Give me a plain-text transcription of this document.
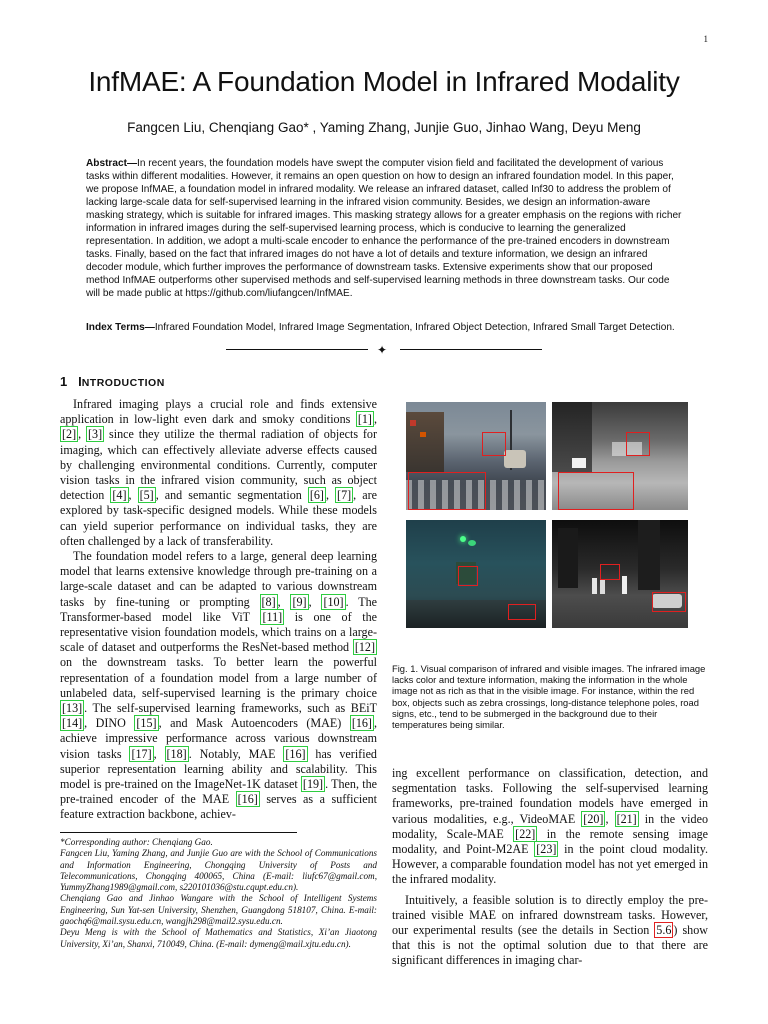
1
InfMAE: A Foundation Model in Infrared Modality
Fangcen Liu, Chenqiang Gao* , Yaming Zhang, Junjie Guo, Jinhao Wang, Deyu Meng
Abstract—In recent years, the foundation models have swept the computer vision field and facilitated the development of various tasks within different modalities. However, it remains an open question on how to design an infrared foundation model. In this paper, we propose InfMAE, a foundation model in infrared modality. We release an infrared dataset, called Inf30 to address the problem of lacking large-scale data for self-supervised learning in the infrared vision community. Besides, we design an information-aware masking strategy, which is suitable for infrared images. This masking strategy allows for a greater emphasis on the regions with richer information in infrared images during the self-supervised learning process, which is conducive to learning the generalized representation. In addition, we adopt a multi-scale encoder to enhance the performance of the pre-trained encoders in downstream tasks. Finally, based on the fact that infrared images do not have a lot of details and texture information, we design an infrared decoder module, which further improves the performance of downstream tasks. Extensive experiments show that our proposed method InfMAE outperforms other supervised methods and self-supervised learning methods in three downstream tasks. Our code will be made public at https://github.com/liufangcen/InfMAE.
Index Terms—Infrared Foundation Model, Infrared Image Segmentation, Infrared Object Detection, Infrared Small Target Detection.
✦
1 INTRODUCTION

Infrared imaging plays a crucial role and finds extensive application in low-light even dark and smoky conditions [1] , [2] , [3] since they utilize the thermal radiation of objects for imaging, which can effectively alleviate adverse effects caused by challenging environmental conditions. Currently, computer vision tasks in the infrared vision community, such as object detection [4] , [5] , and semantic segmentation [6] , [7] , are explored by task-specific designed models. While these models can yield superior performance on individual tasks, they are often challenged by a lack of transferability.

The foundation model refers to a large, general deep learning model that learns extensive knowledge through pre-training on a large-scale dataset and can be adapted to various downstream tasks by fine-tuning or prompting [8] , [9] , [10] . The Transformer-based model like ViT [11] is one of the representative vision foundation models, which trains on a large-scale of dataset and outperforms the ResNet-based method [12] on the downstream tasks. To better learn the powerful representation of a foundation model from a large number of unlabeled data, self-supervised learning is the primary choice [13] . The self-supervised learning frameworks, such as BEiT [14] , DINO [15] , and Mask Autoencoders (MAE) [16] , achieve impressive performance across various downstream vision tasks [17] , [18] . Notably, MAE [16] has verified superior representation learning ability and scalability. This model is pre-trained on the ImageNet-1K dataset [19] . Then, the pre-trained encoder of the MAE [16] serves as a sufficient feature extraction backbone, achiev-

*Corresponding author: Chenqiang Gao.

Fangcen Liu, Yaming Zhang, and Junjie Guo are with the School of Communications and Information Engineering, Chongqing University of Posts and Telecommunications, Chongqing 400065, China (E-mail: liufc67@gmail.com, YummyZhang1989@gmail.com, s220101036@stu.cqupt.edu.cn).

Chenqiang Gao and Jinhao Wangare with the School of Intelligent Systems Engineering, Sun Yat-sen University, Shenzhen, Guangdong 518107, China. E-mail: gaochq6@mail.sysu.edu.cn, wangjh298@mail2.sysu.edu.cn.

Deyu Meng is with the School of Mathematics and Statistics, Xi’an Jiaotong University, Xi’an, Shanxi, 710049, China. (E-mail: dymeng@mail.xjtu.edu.cn).

Fig. 1. Visual comparison of infrared and visible images. The infrared image lacks color and texture information, making the information in the whole image not as rich as that in the visible image. For instance, within the red box, objects such as zebra crossings, long-distance telephone poles, road signs, etc., tend to be submerged in the background due to their temperatures being similar.

ing excellent performance on classification, detection, and segmentation tasks. Following the self-supervised learning frameworks, pre-trained foundation models have emerged in various modalities, e.g., VideoMAE [20] , [21] in the video modality, Scale-MAE [22] in the remote sensing image modality, and Point-M2AE [23] in the point cloud modality. However, a comparable foundation model has not yet emerged in the infrared modality.

Intuitively, a feasible solution is to directly employ the pre-trained visible MAE on infrared downstream tasks. However, our experimental results (see the details in Section 5.6 ) show that this is not the optimal solution due to that there are significant differences in imaging char-
